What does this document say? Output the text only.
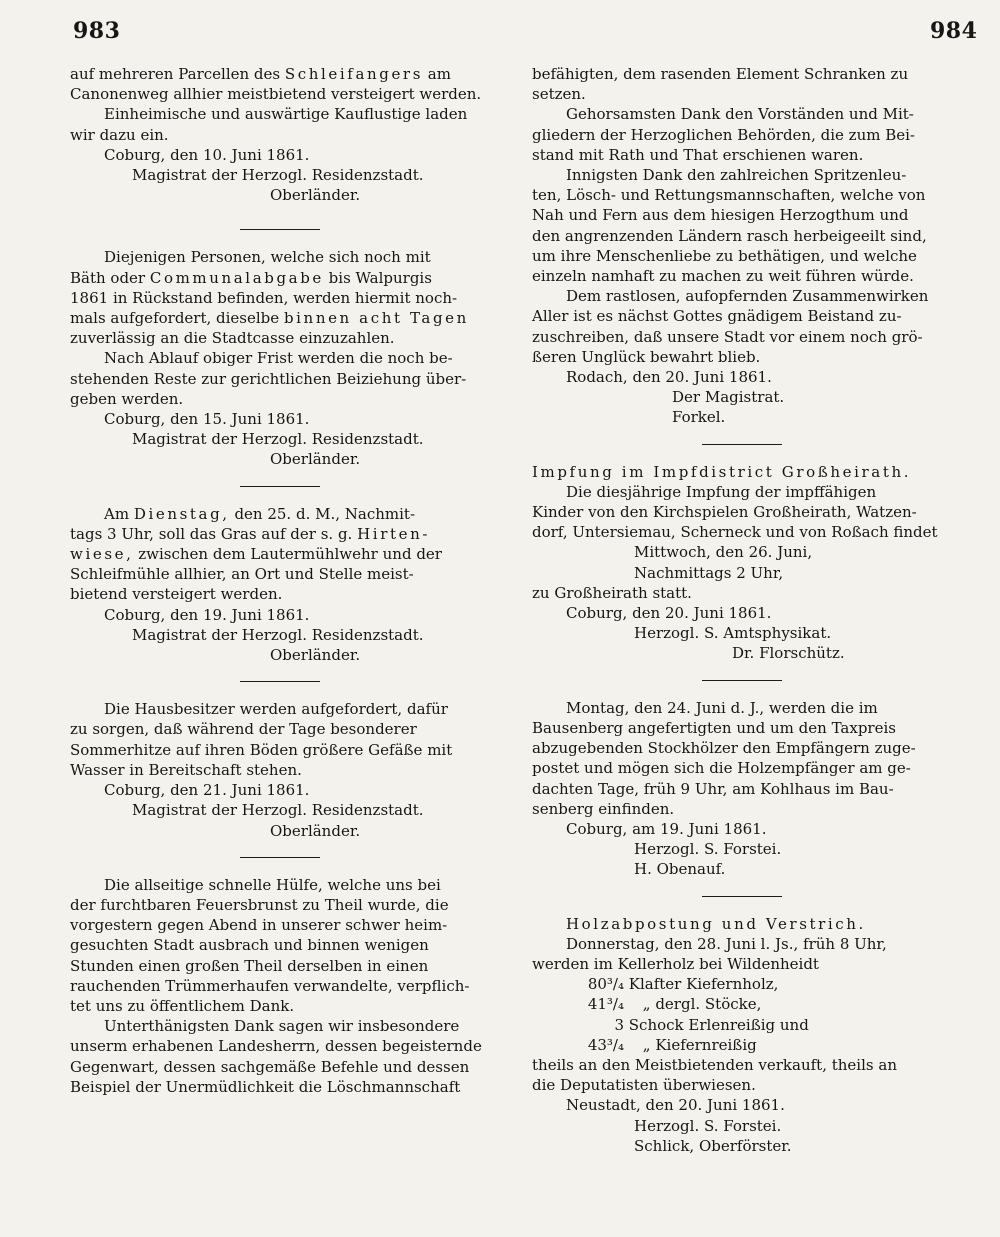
983	984

auf mehreren Parcellen des Schleifangers am

Canonenweg allhier meistbietend versteigert werden.

Einheimische und auswärtige Kauflustige laden

wir dazu ein.

Coburg, den 10. Juni 1861.

Magistrat der Herzogl. Residenzstadt.

Oberländer.

Diejenigen Personen, welche sich noch mit

Bäth oder Communalabgabe bis Walpurgis

1861 in Rückstand befinden, werden hiermit noch-

mals aufgefordert, dieselbe binnen acht Tagen

zuverlässig an die Stadtcasse einzuzahlen.

Nach Ablauf obiger Frist werden die noch be-

stehenden Reste zur gerichtlichen Beiziehung über-

geben werden.

Coburg, den 15. Juni 1861.

Magistrat der Herzogl. Residenzstadt.

Oberländer.

Am Dienstag, den 25. d. M., Nachmit-

tags 3 Uhr, soll das Gras auf der s. g. Hirten-

wiese, zwischen dem Lautermühlwehr und der

Schleifmühle allhier, an Ort und Stelle meist-

bietend versteigert werden.

Coburg, den 19. Juni 1861.

Magistrat der Herzogl. Residenzstadt.

Oberländer.

Die Hausbesitzer werden aufgefordert, dafür

zu sorgen, daß während der Tage besonderer

Sommerhitze auf ihren Böden größere Gefäße mit

Wasser in Bereitschaft stehen.

Coburg, den 21. Juni 1861.

Magistrat der Herzogl. Residenzstadt.

Oberländer.

Die allseitige schnelle Hülfe, welche uns bei

der furchtbaren Feuersbrunst zu Theil wurde, die

vorgestern gegen Abend in unserer schwer heim-

gesuchten Stadt ausbrach und binnen wenigen

Stunden einen großen Theil derselben in einen

rauchenden Trümmerhaufen verwandelte, verpflich-

tet uns zu öffentlichem Dank.

Unterthänigsten Dank sagen wir insbesondere

unserm erhabenen Landesherrn, dessen begeisternde

Gegenwart, dessen sachgemäße Befehle und dessen

Beispiel der Unermüdlichkeit die Löschmannschaft

befähigten, dem rasenden Element Schranken zu

setzen.

Gehorsamsten Dank den Vorständen und Mit-

gliedern der Herzoglichen Behörden, die zum Bei-

stand mit Rath und That erschienen waren.

Innigsten Dank den zahlreichen Spritzenleu-

ten, Lösch- und Rettungsmannschaften, welche von

Nah und Fern aus dem hiesigen Herzogthum und

den angrenzenden Ländern rasch herbeigeeilt sind,

um ihre Menschenliebe zu bethätigen, und welche

einzeln namhaft zu machen zu weit führen würde.

Dem rastlosen, aufopfernden Zusammenwirken

Aller ist es nächst Gottes gnädigem Beistand zu-

zuschreiben, daß unsere Stadt vor einem noch grö-

ßeren Unglück bewahrt blieb.

Rodach, den 20. Juni 1861.

Der Magistrat.

Forkel.

Impfung im Impfdistrict Großheirath.

Die diesjährige Impfung der impffähigen

Kinder von den Kirchspielen Großheirath, Watzen-

dorf, Untersiemau, Scherneck und von Roßach findet

Mittwoch, den 26. Juni,

Nachmittags 2 Uhr,

zu Großheirath statt.

Coburg, den 20. Juni 1861.

Herzogl. S. Amtsphysikat.

Dr. Florschütz.

Montag, den 24. Juni d. J., werden die im

Bausenberg angefertigten und um den Taxpreis

abzugebenden Stockhölzer den Empfängern zuge-

postet und mögen sich die Holzempfänger am ge-

dachten Tage, früh 9 Uhr, am Kohlhaus im Bau-

senberg einfinden.

Coburg, am 19. Juni 1861.

Herzogl. S. Forstei.

H. Obenauf.

Holzabpostung und Verstrich.

Donnerstag, den 28. Juni l. Js., früh 8 Uhr,

werden im Kellerholz bei Wildenheidt

80³/₄ Klafter Kiefernholz,

41³/₄ „ dergl. Stöcke,

3 Schock Erlenreißig und

43³/₄ „ Kiefernreißig

theils an den Meistbietenden verkauft, theils an

die Deputatisten überwiesen.

Neustadt, den 20. Juni 1861.

Herzogl. S. Forstei.

Schlick, Oberförster.
